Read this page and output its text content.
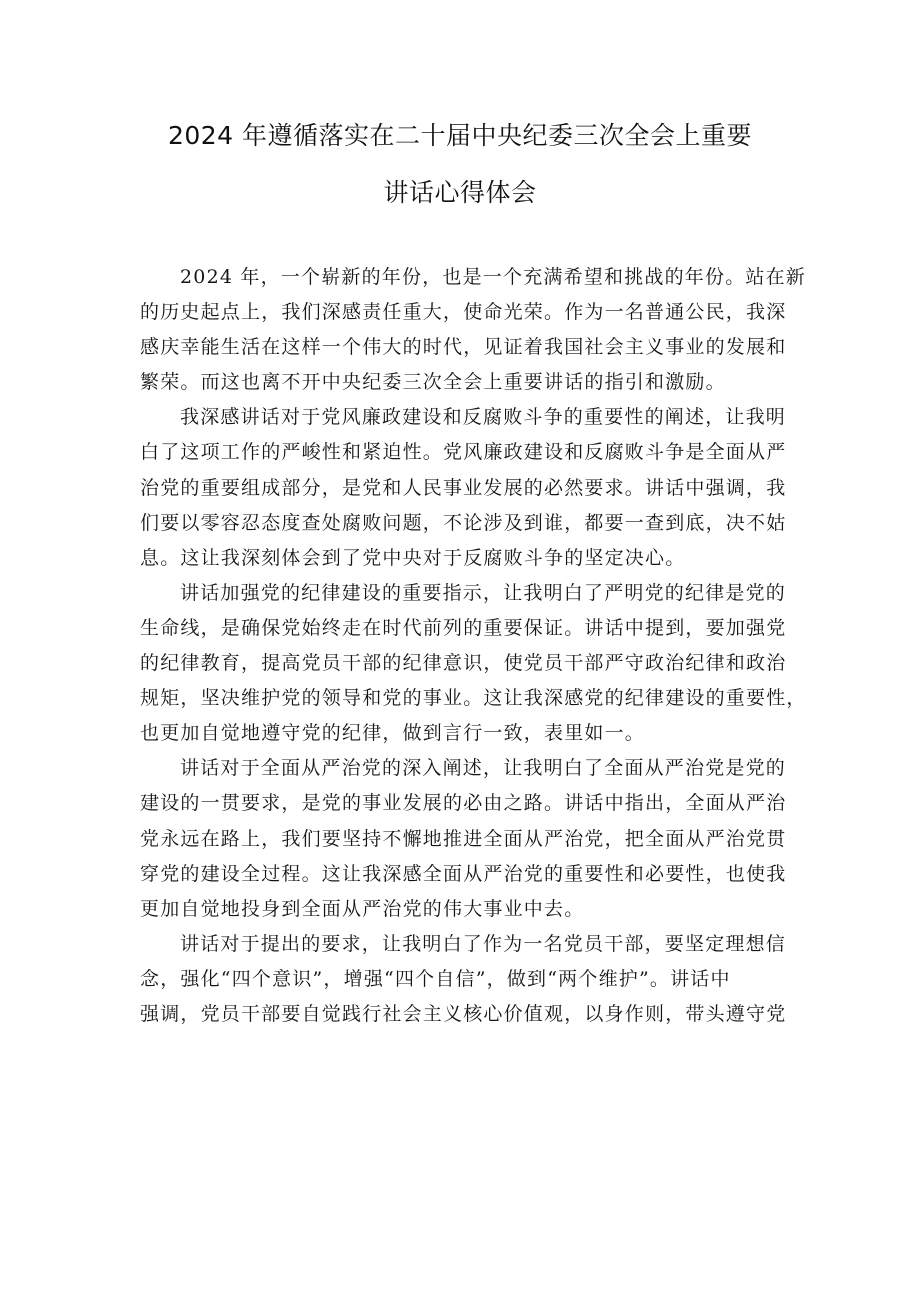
2024 年遵循落实在二十届中央纪委三次全会上重要
讲话心得体会
2024 年，一个崭新的年份，也是一个充满希望和挑战的年份。站在新
的历史起点上，我们深感责任重大，使命光荣。作为一名普通公民，我深
感庆幸能生活在这样一个伟大的时代，见证着我国社会主义事业的发展和
繁荣。而这也离不开中央纪委三次全会上重要讲话的指引和激励。
我深感讲话对于党风廉政建设和反腐败斗争的重要性的阐述，让我明
白了这项工作的严峻性和紧迫性。党风廉政建设和反腐败斗争是全面从严
治党的重要组成部分，是党和人民事业发展的必然要求。讲话中强调，我
们要以零容忍态度查处腐败问题，不论涉及到谁，都要一查到底，决不姑
息。这让我深刻体会到了党中央对于反腐败斗争的坚定决心。
讲话加强党的纪律建设的重要指示，让我明白了严明党的纪律是党的
生命线，是确保党始终走在时代前列的重要保证。讲话中提到，要加强党
的纪律教育，提高党员干部的纪律意识，使党员干部严守政治纪律和政治
规矩，坚决维护党的领导和党的事业。这让我深感党的纪律建设的重要性，
也更加自觉地遵守党的纪律，做到言行一致，表里如一。
讲话对于全面从严治党的深入阐述，让我明白了全面从严治党是党的
建设的一贯要求，是党的事业发展的必由之路。讲话中指出，全面从严治
党永远在路上，我们要坚持不懈地推进全面从严治党，把全面从严治党贯
穿党的建设全过程。这让我深感全面从严治党的重要性和必要性，也使我
更加自觉地投身到全面从严治党的伟大事业中去。
讲话对于提出的要求，让我明白了作为一名党员干部，要坚定理想信
念，强化“四个意识”，增强“四个自信”，做到“两个维护”。讲话中
强调，党员干部要自觉践行社会主义核心价值观，以身作则，带头遵守党
